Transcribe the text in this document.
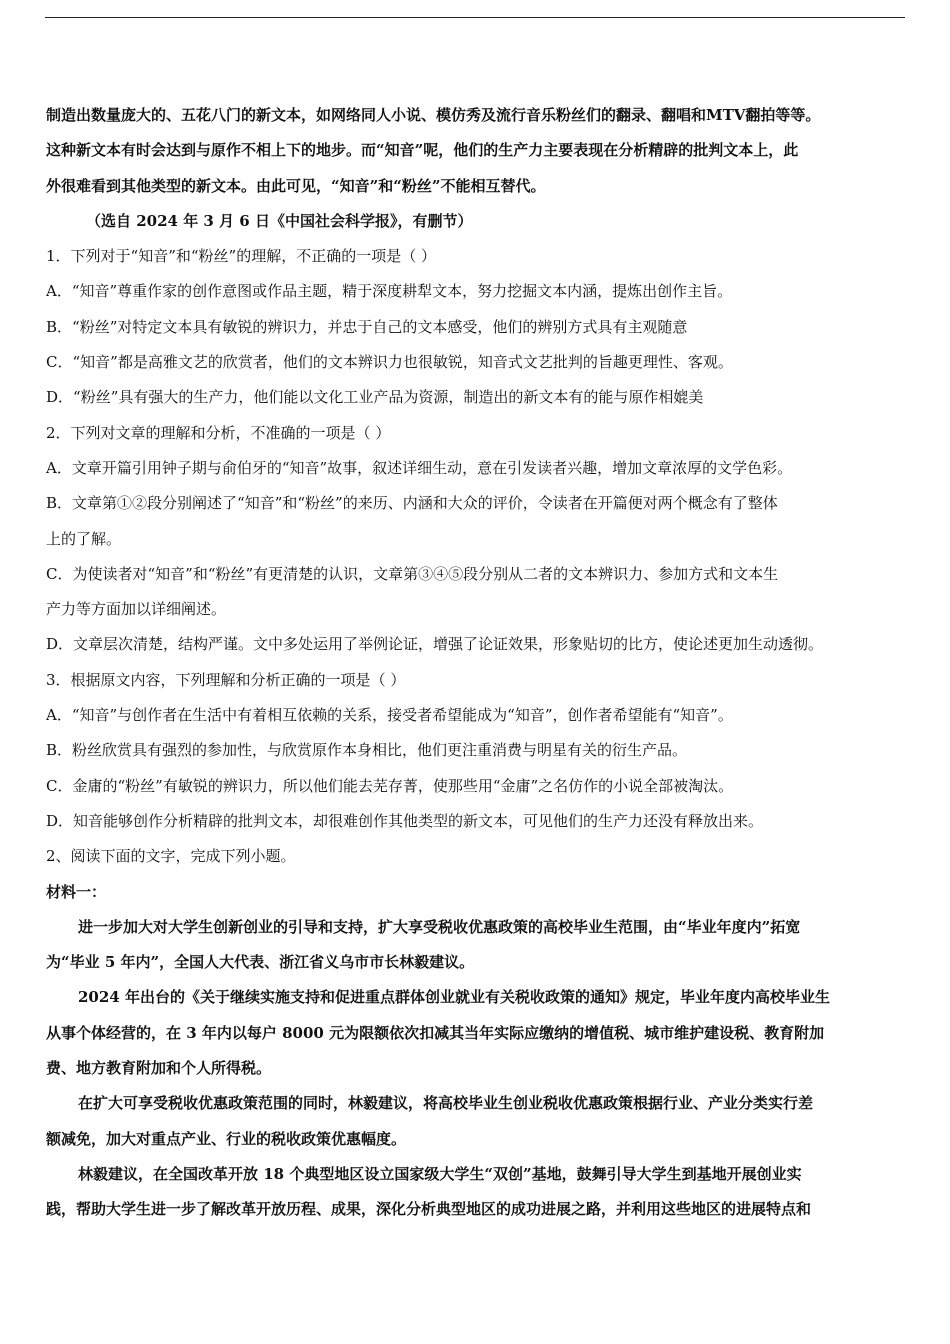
制造出数量庞大的、五花八门的新文本，如网络同人小说、模仿秀及流行音乐粉丝们的翻录、翻唱和MTV翻拍等等。
这种新文本有时会达到与原作不相上下的地步。而“知音”呢，他们的生产力主要表现在分析精辟的批判文本上，此
外很难看到其他类型的新文本。由此可见，“知音”和“粉丝”不能相互替代。
（选自 2024 年 3 月 6 日《中国社会科学报》，有删节）
1．下列对于“知音”和“粉丝”的理解，不正确的一项是（ ）
A．“知音”尊重作家的创作意图或作品主题，精于深度耕犁文本，努力挖掘文本内涵，提炼出创作主旨。
B．“粉丝”对特定文本具有敏锐的辨识力，并忠于自己的文本感受，他们的辨别方式具有主观随意
C．“知音”都是高雅文艺的欣赏者，他们的文本辨识力也很敏锐，知音式文艺批判的旨趣更理性、客观。
D．“粉丝”具有强大的生产力，他们能以文化工业产品为资源，制造出的新文本有的能与原作相媲美
2．下列对文章的理解和分析，不准确的一项是（ ）
A．文章开篇引用钟子期与俞伯牙的“知音”故事，叙述详细生动，意在引发读者兴趣，增加文章浓厚的文学色彩。
B．文章第①②段分别阐述了“知音”和“粉丝”的来历、内涵和大众的评价，令读者在开篇便对两个概念有了整体
上的了解。
C．为使读者对“知音”和“粉丝”有更清楚的认识，文章第③④⑤段分别从二者的文本辨识力、参加方式和文本生
产力等方面加以详细阐述。
D．文章层次清楚，结构严谨。文中多处运用了举例论证，增强了论证效果，形象贴切的比方，使论述更加生动透彻。
3．根据原文内容，下列理解和分析正确的一项是（ ）
A．“知音”与创作者在生活中有着相互依赖的关系，接受者希望能成为“知音”，创作者希望能有“知音”。
B．粉丝欣赏具有强烈的参加性，与欣赏原作本身相比，他们更注重消费与明星有关的衍生产品。
C．金庸的“粉丝”有敏锐的辨识力，所以他们能去芜存菁，使那些用“金庸”之名仿作的小说全部被淘汰。
D．知音能够创作分析精辟的批判文本，却很难创作其他类型的新文本，可见他们的生产力还没有释放出来。
2、阅读下面的文字，完成下列小题。
材料一：
进一步加大对大学生创新创业的引导和支持，扩大享受税收优惠政策的高校毕业生范围，由“毕业年度内”拓宽
为“毕业 5 年内”，全国人大代表、浙江省义乌市市长林毅建议。
2024 年出台的《关于继续实施支持和促进重点群体创业就业有关税收政策的通知》规定，毕业年度内高校毕业生
从事个体经营的，在 3 年内以每户 8000 元为限额依次扣减其当年实际应缴纳的增值税、城市维护建设税、教育附加
费、地方教育附加和个人所得税。
在扩大可享受税收优惠政策范围的同时，林毅建议，将高校毕业生创业税收优惠政策根据行业、产业分类实行差
额减免，加大对重点产业、行业的税收政策优惠幅度。
林毅建议，在全国改革开放 18 个典型地区设立国家级大学生“双创”基地，鼓舞引导大学生到基地开展创业实
践，帮助大学生进一步了解改革开放历程、成果，深化分析典型地区的成功进展之路，并利用这些地区的进展特点和
